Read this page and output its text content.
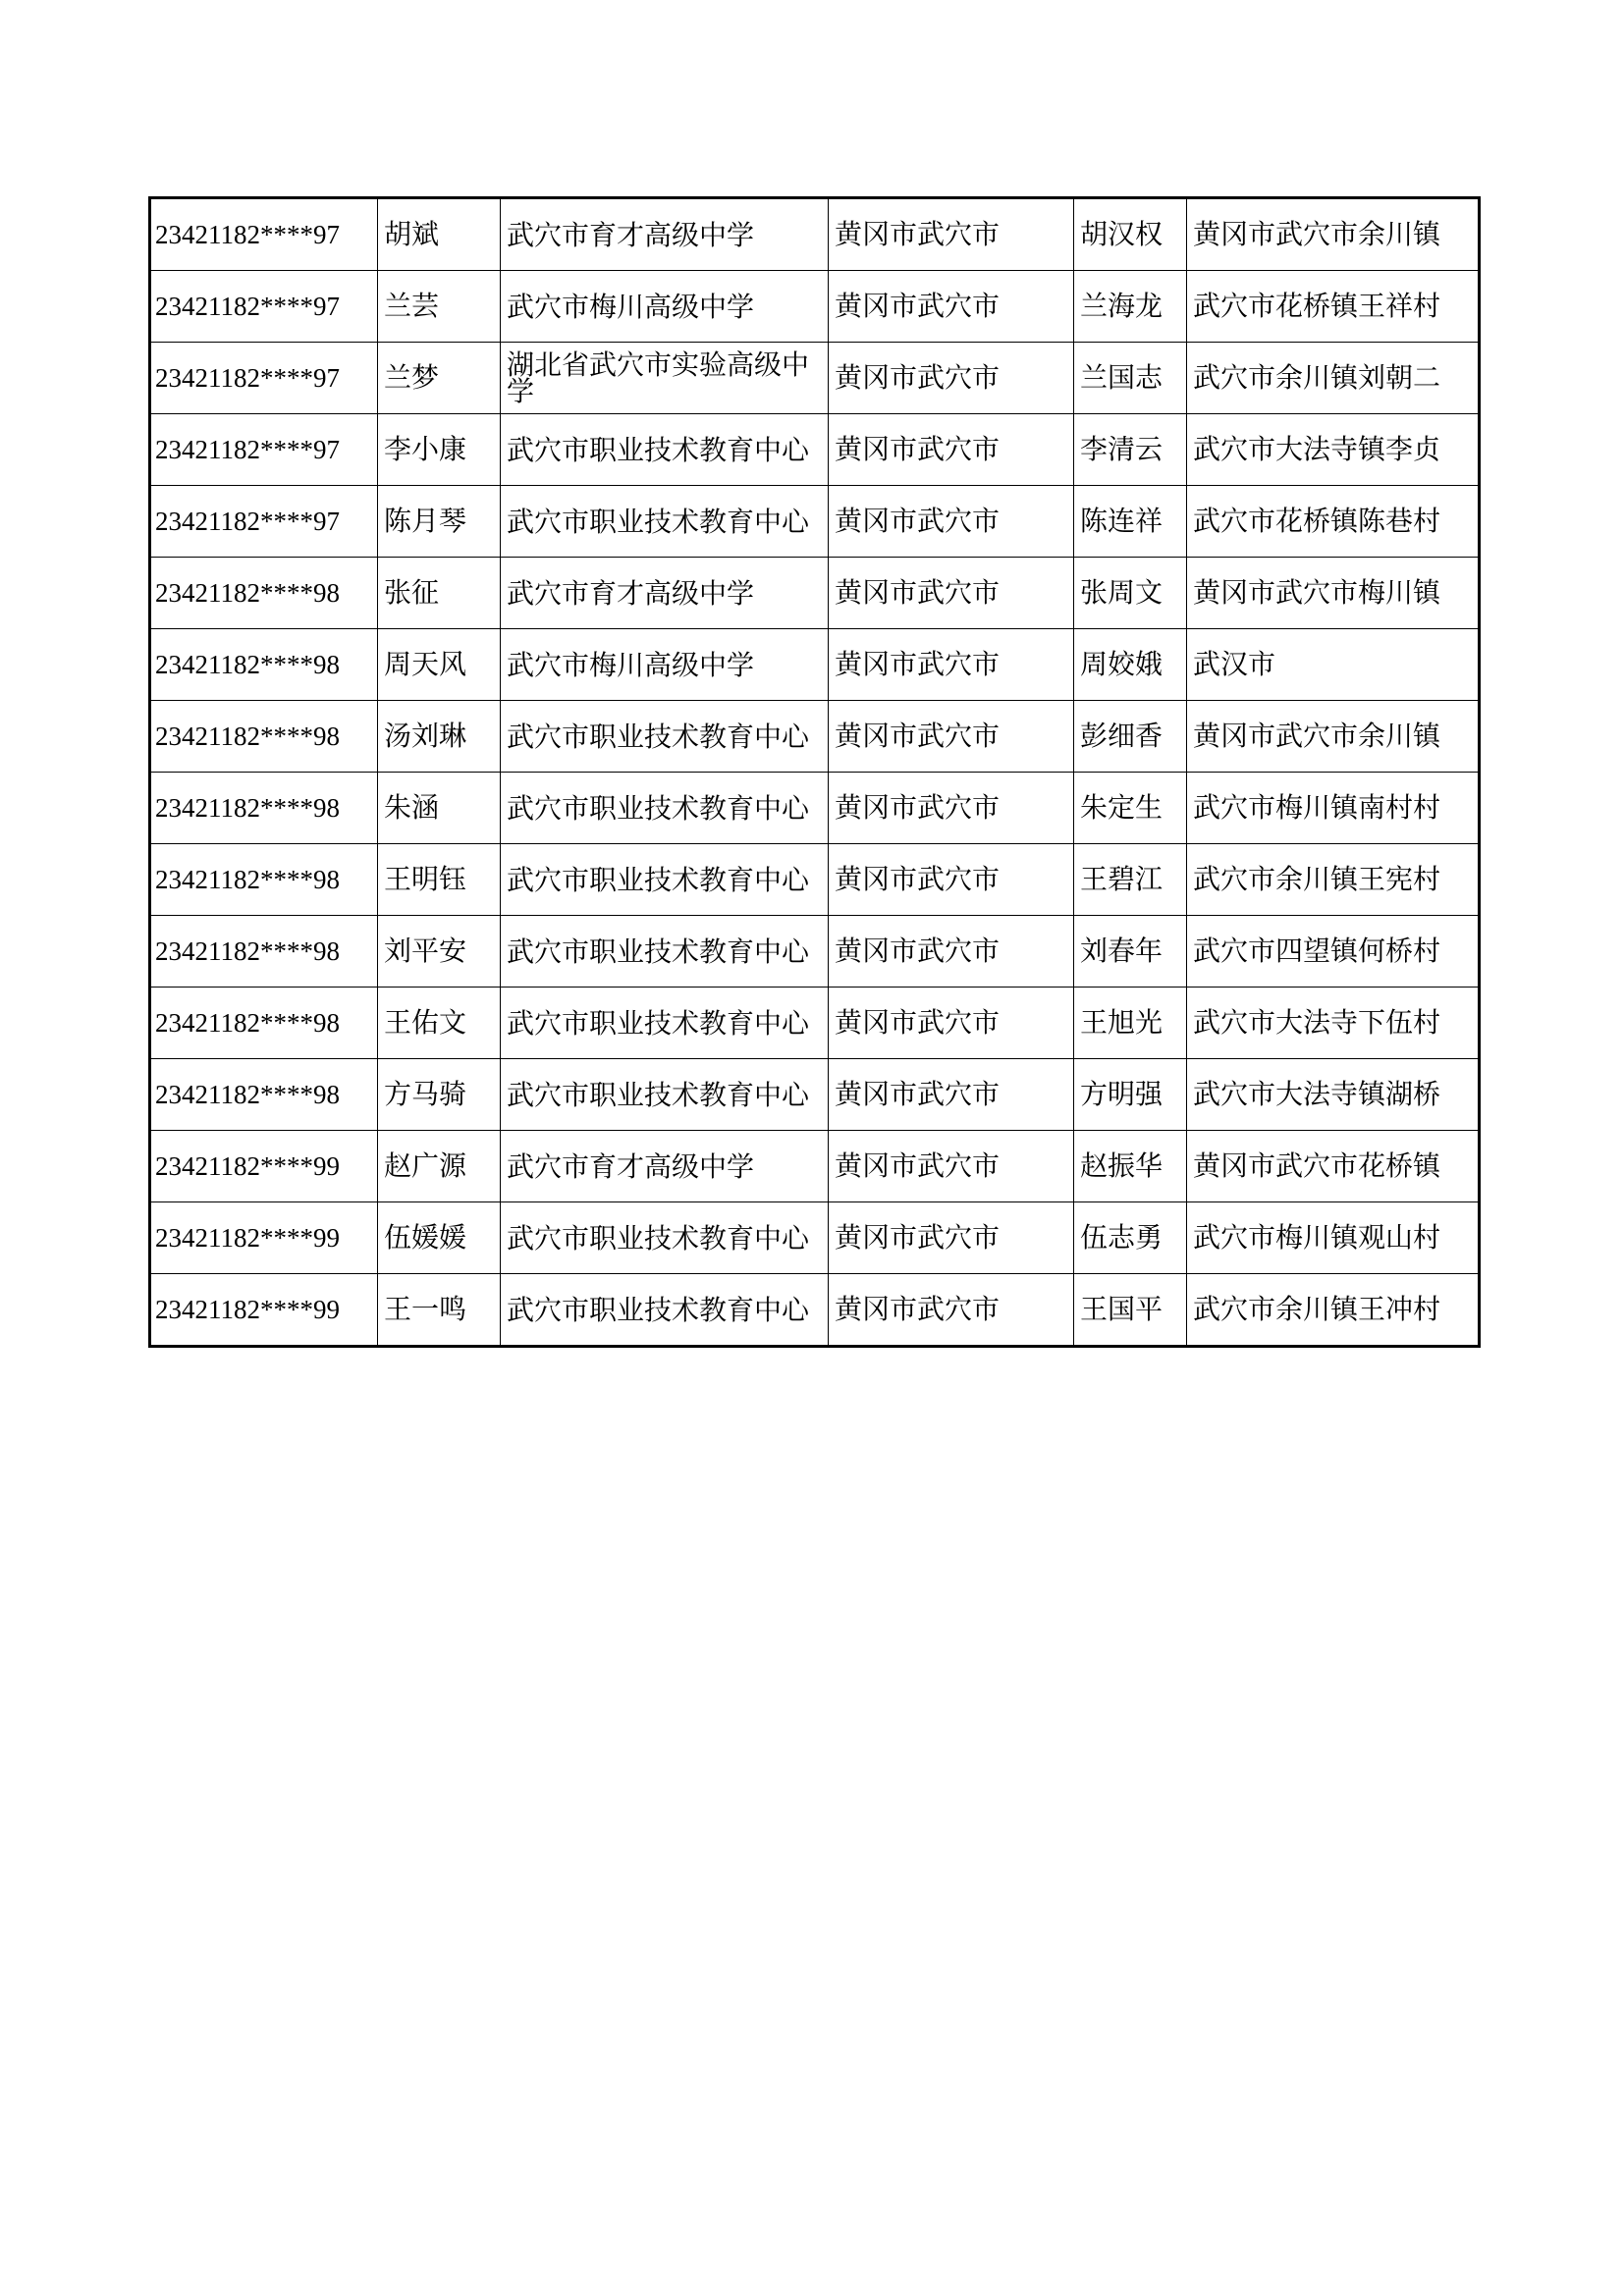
23421182****97	胡斌	武穴市育才高级中学	黄冈市武穴市	胡汉权	黄冈市武穴市余川镇
23421182****97	兰芸	武穴市梅川高级中学	黄冈市武穴市	兰海龙	武穴市花桥镇王祥村
23421182****97	兰梦	湖北省武穴市实验高级中学	黄冈市武穴市	兰国志	武穴市余川镇刘朝二
23421182****97	李小康	武穴市职业技术教育中心	黄冈市武穴市	李清云	武穴市大法寺镇李贞
23421182****97	陈月琴	武穴市职业技术教育中心	黄冈市武穴市	陈连祥	武穴市花桥镇陈巷村
23421182****98	张征	武穴市育才高级中学	黄冈市武穴市	张周文	黄冈市武穴市梅川镇
23421182****98	周天风	武穴市梅川高级中学	黄冈市武穴市	周姣娥	武汉市
23421182****98	汤刘琳	武穴市职业技术教育中心	黄冈市武穴市	彭细香	黄冈市武穴市余川镇
23421182****98	朱涵	武穴市职业技术教育中心	黄冈市武穴市	朱定生	武穴市梅川镇南村村
23421182****98	王明钰	武穴市职业技术教育中心	黄冈市武穴市	王碧江	武穴市余川镇王宪村
23421182****98	刘平安	武穴市职业技术教育中心	黄冈市武穴市	刘春年	武穴市四望镇何桥村
23421182****98	王佑文	武穴市职业技术教育中心	黄冈市武穴市	王旭光	武穴市大法寺下伍村
23421182****98	方马骑	武穴市职业技术教育中心	黄冈市武穴市	方明强	武穴市大法寺镇湖桥
23421182****99	赵广源	武穴市育才高级中学	黄冈市武穴市	赵振华	黄冈市武穴市花桥镇
23421182****99	伍媛媛	武穴市职业技术教育中心	黄冈市武穴市	伍志勇	武穴市梅川镇观山村
23421182****99	王一鸣	武穴市职业技术教育中心	黄冈市武穴市	王国平	武穴市余川镇王冲村
